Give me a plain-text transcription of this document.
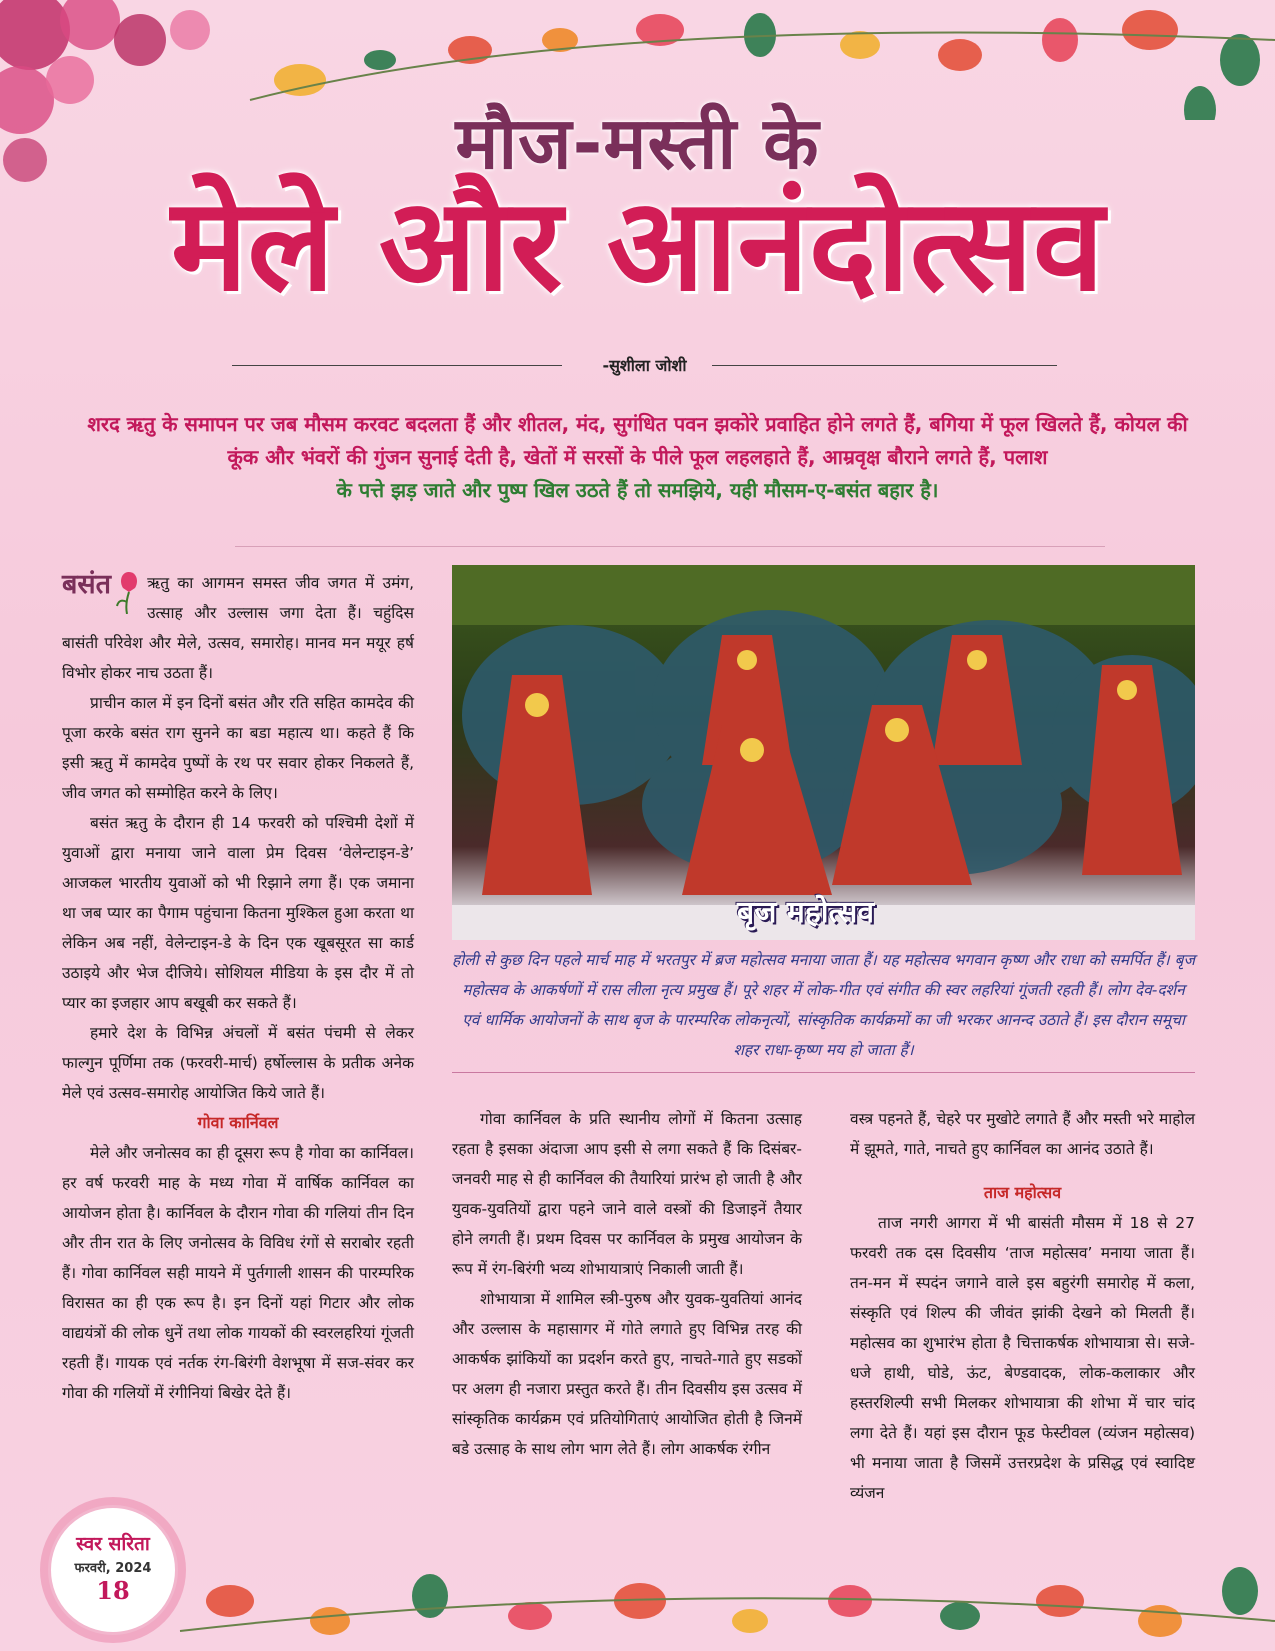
मौज-मस्ती के
मेले और आनंदोत्सव
-सुशीला जोशी
शरद ऋतु के समापन पर जब मौसम करवट बदलता हैं और शीतल, मंद, सुगंधित पवन झकोरे प्रवाहित होने लगते हैं, बगिया में फूल खिलते हैं, कोयल की कूंक और भंवरों की गुंजन सुनाई देती है, खेतों में सरसों के पीले फूल लहलहाते हैं, आम्रवृक्ष बौराने लगते हैं, पलाश
के पत्ते झड़ जाते और पुष्प खिल उठते हैं तो समझिये, यही मौसम-ए-बसंत बहार है।

बसंत ऋतु का आगमन समस्त जीव जगत में उमंग, उत्साह और उल्लास जगा देता हैं। चहुंदिस बासंती परिवेश और मेले, उत्सव, समारोह। मानव मन मयूर हर्ष विभोर होकर नाच उठता हैं।

प्राचीन काल में इन दिनों बसंत और रति सहित कामदेव की पूजा करके बसंत राग सुनने का बडा महात्य था। कहते हैं कि इसी ऋतु में कामदेव पुष्पों के रथ पर सवार होकर निकलते हैं, जीव जगत को सम्मोहित करने के लिए।

बसंत ऋतु के दौरान ही 14 फरवरी को पश्चिमी देशों में युवाओं द्वारा मनाया जाने वाला प्रेम दिवस ‘वेलेन्टाइन-डे’ आजकल भारतीय युवाओं को भी रिझाने लगा हैं। एक जमाना था जब प्यार का पैगाम पहुंचाना कितना मुश्किल हुआ करता था लेकिन अब नहीं, वेलेन्टाइन-डे के दिन एक खूबसूरत सा कार्ड उठाइये और भेज दीजिये। सोशियल मीडिया के इस दौर में तो प्यार का इजहार आप बखूबी कर सकते हैं।

हमारे देश के विभिन्न अंचलों में बसंत पंचमी से लेकर फाल्गुन पूर्णिमा तक (फरवरी-मार्च) हर्षोल्लास के प्रतीक अनेक मेले एवं उत्सव-समारोह आयोजित किये जाते हैं।

गोवा कार्निवल

मेले और जनोत्सव का ही दूसरा रूप है गोवा का कार्निवल। हर वर्ष फरवरी माह के मध्य गोवा में वार्षिक कार्निवल का आयोजन होता है। कार्निवल के दौरान गोवा की गलियां तीन दिन और तीन रात के लिए जनोत्सव के विविध रंगों से सराबोर रहती हैं। गोवा कार्निवल सही मायने में पुर्तगाली शासन की पारम्परिक विरासत का ही एक रूप है। इन दिनों यहां गिटार और लोक वाद्ययंत्रों की लोक धुनें तथा लोक गायकों की स्वरलहरियां गूंजती रहती हैं। गायक एवं नर्तक रंग-बिरंगी वेशभूषा में सज-संवर कर गोवा की गलियों में रंगीनियां बिखेर देते हैं।

बृज महोत्सव
होली से कुछ दिन पहले मार्च माह में भरतपुर में ब्रज महोत्सव मनाया जाता हैं। यह महोत्सव भगवान कृष्ण और राधा को समर्पित हैं। बृज महोत्सव के आकर्षणों में रास लीला नृत्य प्रमुख हैं। पूरे शहर में लोक-गीत एवं संगीत की स्वर लहरियां गूंजती रहती हैं। लोग देव-दर्शन एवं धार्मिक आयोजनों के साथ बृज के पारम्परिक लोकनृत्यों, सांस्कृतिक कार्यक्रमों का जी भरकर आनन्द उठाते हैं। इस दौरान समूचा शहर राधा-कृष्ण मय हो जाता हैं।

गोवा कार्निवल के प्रति स्थानीय लोगों में कितना उत्साह रहता है इसका अंदाजा आप इसी से लगा सकते हैं कि दिसंबर-जनवरी माह से ही कार्निवल की तैयारियां प्रारंभ हो जाती है और युवक-युवतियों द्वारा पहने जाने वाले वस्त्रों की डिजाइनें तैयार होने लगती हैं। प्रथम दिवस पर कार्निवल के प्रमुख आयोजन के रूप में रंग-बिरंगी भव्य शोभायात्राएं निकाली जाती हैं।

शोभायात्रा में शामिल स्त्री-पुरुष और युवक-युवतियां आनंद और उल्लास के महासागर में गोते लगाते हुए विभिन्न तरह की आकर्षक झांकियों का प्रदर्शन करते हुए, नाचते-गाते हुए सडकों पर अलग ही नजारा प्रस्तुत करते हैं। तीन दिवसीय इस उत्सव में सांस्कृतिक कार्यक्रम एवं प्रतियोगिताएं आयोजित होती है जिनमें बडे उत्साह के साथ लोग भाग लेते हैं। लोग आकर्षक रंगीन

वस्त्र पहनते हैं, चेहरे पर मुखोटे लगाते हैं और मस्ती भरे माहोल में झूमते, गाते, नाचते हुए कार्निवल का आनंद उठाते हैं।

ताज महोत्सव

ताज नगरी आगरा में भी बासंती मौसम में 18 से 27 फरवरी तक दस दिवसीय ‘ताज महोत्सव’ मनाया जाता हैं। तन-मन में स्पदंन जगाने वाले इस बहुरंगी समारोह में कला, संस्कृति एवं शिल्प की जीवंत झांकी देखने को मिलती हैं। महोत्सव का शुभारंभ होता है चित्ताकर्षक शोभायात्रा से। सजे-धजे हाथी, घोडे, ऊंट, बेण्डवादक, लोक-कलाकार और हस्तरशिल्पी सभी मिलकर शोभायात्रा की शोभा में चार चांद लगा देते हैं। यहां इस दौरान फूड फेस्टीवल (व्यंजन महोत्सव) भी मनाया जाता है जिसमें उत्तरप्रदेश के प्रसिद्ध एवं स्वादिष्ट व्यंजन

स्वर सरिता
फरवरी, 2024
18
